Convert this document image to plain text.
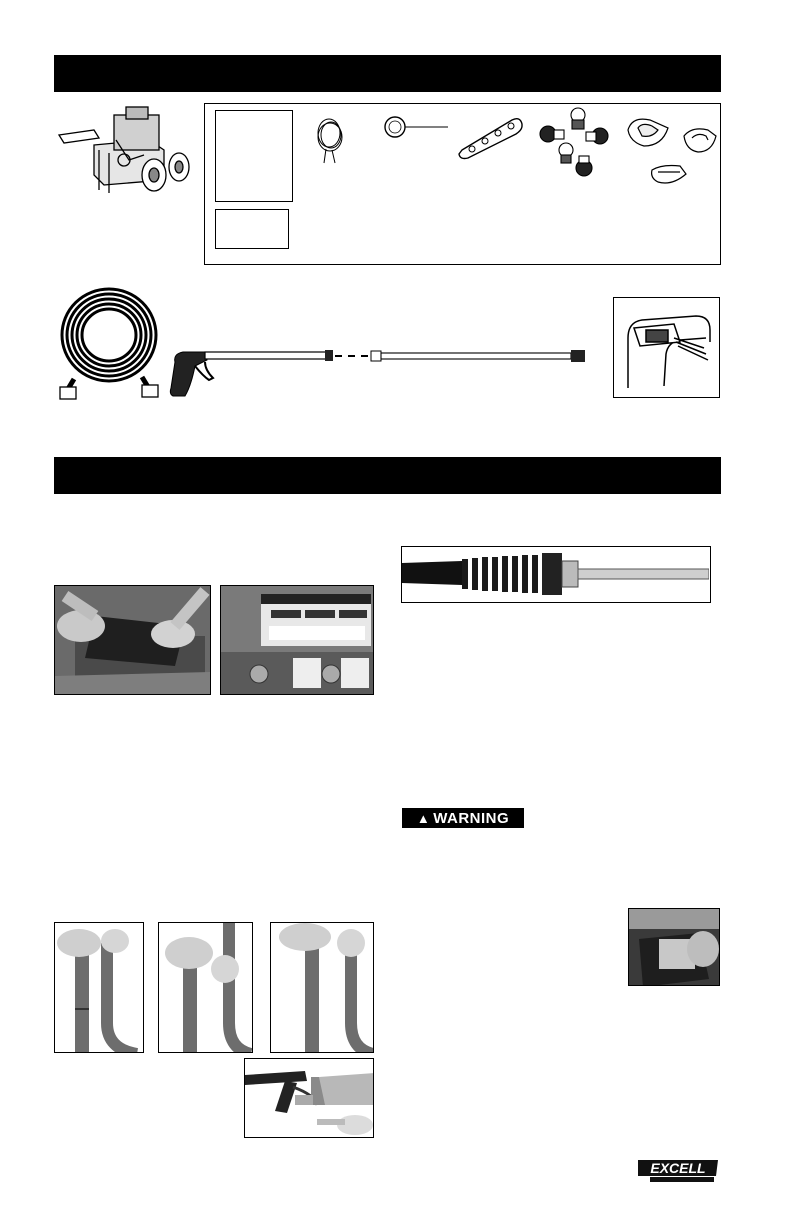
▲ WARNING
EXCELL
